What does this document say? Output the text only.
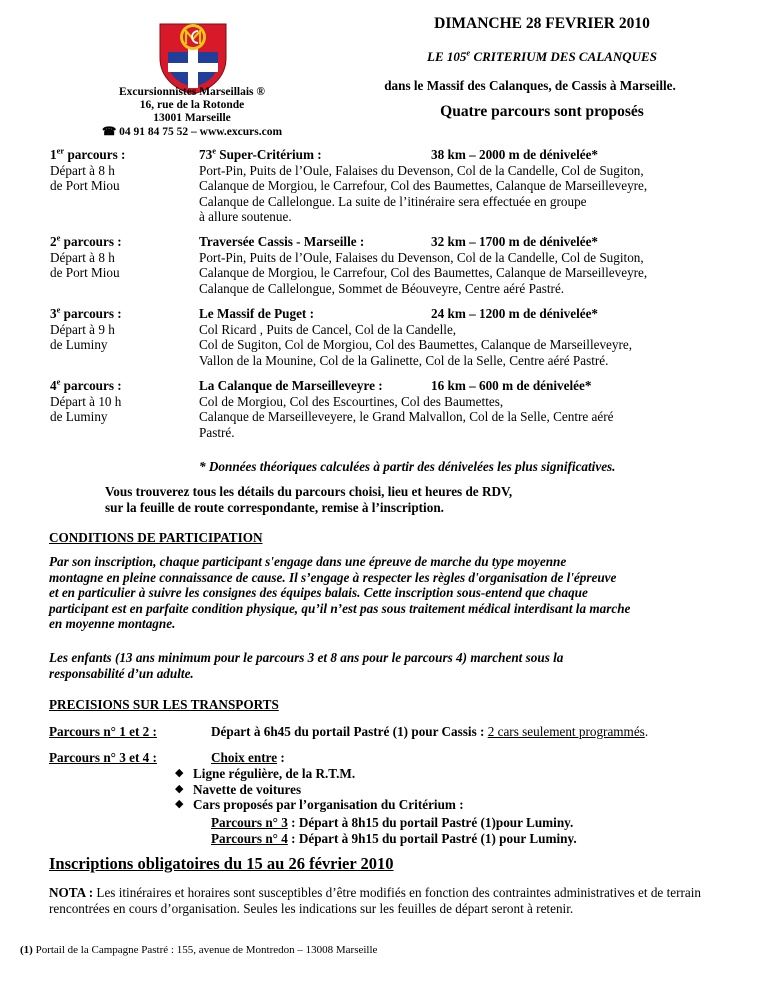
Excursionnistes Marseillais ®
16, rue de la Rotonde
13001 Marseille
☎ 04 91 84 75 52 – www.excurs.com
DIMANCHE 28 FEVRIER 2010
LE 105e CRITERIUM DES CALANQUES
dans le Massif des Calanques, de Cassis à Marseille.
Quatre parcours sont proposés
1er parcours :
Départ à 8 h
de Port Miou
73e Super-Critérium :	38 km – 2000 m de dénivelée*
Port-Pin, Puits de l’Oule, Falaises du Devenson, Col de la Candelle, Col de Sugiton,
Calanque de Morgiou, le Carrefour, Col des Baumettes, Calanque de Marseilleveyre,
Calanque de Callelongue. La suite de l’itinéraire sera effectuée en groupe
à allure soutenue.
2e parcours :
Départ à 8 h
de Port Miou
Traversée Cassis - Marseille :	32 km – 1700 m de dénivelée*
Port-Pin, Puits de l’Oule, Falaises du Devenson, Col de la Candelle, Col de Sugiton,
Calanque de Morgiou, le Carrefour, Col des Baumettes, Calanque de Marseilleveyre,
Calanque de Callelongue, Sommet de Béouveyre, Centre aéré Pastré.
3e parcours :
Départ à 9 h
de Luminy
Le Massif de Puget :	24 km – 1200 m de dénivelée*
Col Ricard , Puits de Cancel, Col de la Candelle,
Col de Sugiton, Col de Morgiou, Col des Baumettes, Calanque de Marseilleveyre,
Vallon de la Mounine, Col de la Galinette, Col de la Selle, Centre aéré Pastré.
4e parcours :
Départ à 10 h
de Luminy
La Calanque de Marseilleveyre :	16 km – 600 m de dénivelée*
Col de Morgiou, Col des Escourtines, Col des Baumettes,
Calanque de Marseilleveyere, le Grand Malvallon, Col de la Selle, Centre aéré
Pastré.
* Données théoriques calculées à partir des dénivelées les plus significatives.
Vous trouverez tous les détails du parcours choisi, lieu et heures de RDV,
sur la feuille de route correspondante, remise à l’inscription.
CONDITIONS DE PARTICIPATION
Par son inscription, chaque participant s'engage dans une épreuve de marche du type moyenne
montagne en pleine connaissance de cause. Il s’engage à respecter les règles d'organisation de l'épreuve
et en particulier à suivre les consignes des équipes balais. Cette inscription sous-entend que chaque
participant est en parfaite condition physique, qu’il n’est pas sous traitement médical interdisant la marche
en moyenne montagne.
Les enfants (13 ans minimum pour le parcours 3 et 8 ans pour le parcours 4) marchent sous la
responsabilité d’un adulte.
PRECISIONS SUR LES TRANSPORTS
Parcours n° 1 et 2 :	Départ à 6h45 du portail Pastré (1) pour Cassis : 2 cars seulement programmés.
Parcours n° 3 et 4 :	Choix entre :
◆ Ligne régulière, de la R.T.M.
◆ Navette de voitures
◆ Cars proposés par l’organisation du Critérium :
Parcours n° 3 : Départ à 8h15 du portail Pastré (1)pour Luminy.
Parcours n° 4 : Départ à 9h15 du portail Pastré (1) pour Luminy.
Inscriptions obligatoires du 15 au 26 février 2010
NOTA : Les itinéraires et horaires sont susceptibles d’être modifiés en fonction des contraintes administratives et de terrain rencontrées en cours d’organisation. Seules les indications sur les feuilles de départ seront à retenir.
(1) Portail de la Campagne Pastré : 155, avenue de Montredon – 13008 Marseille
